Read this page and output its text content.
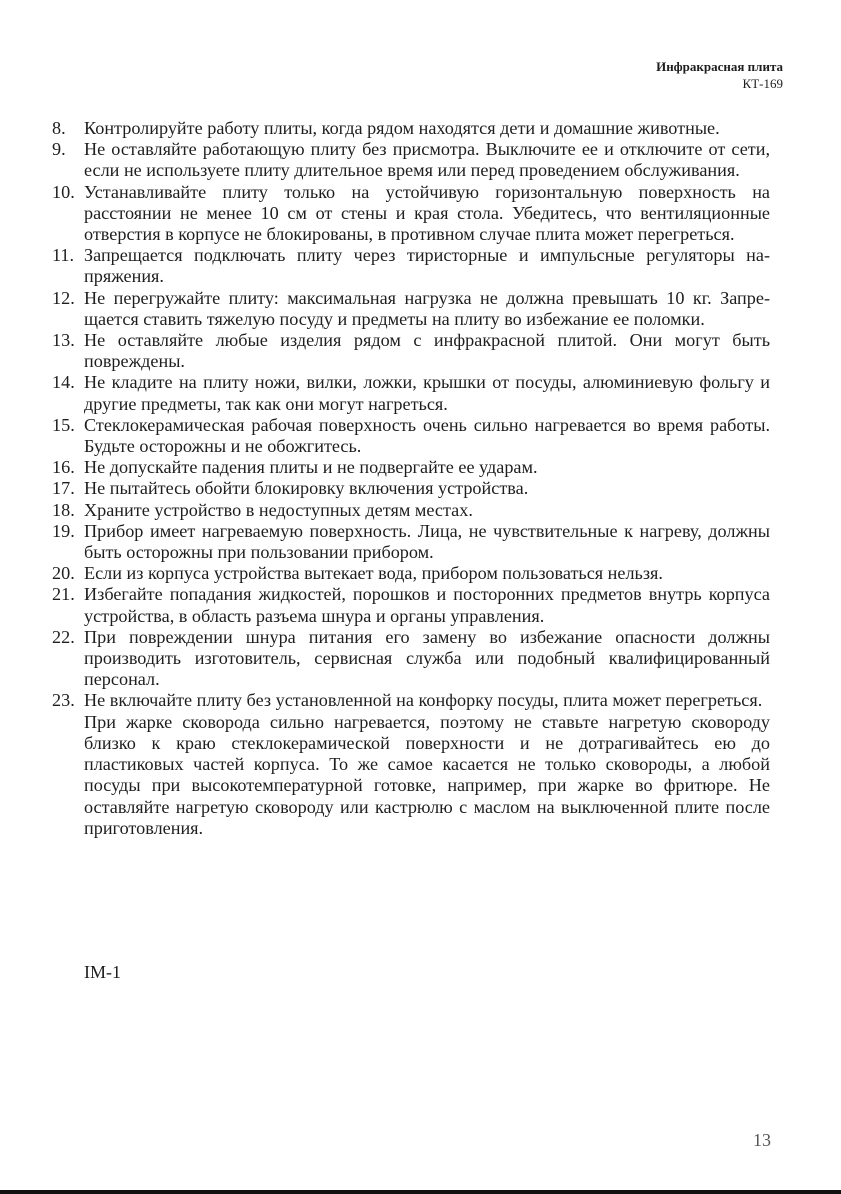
Инфракрасная плита
КТ-169
8.	Контролируйте работу плиты, когда рядом находятся дети и домашние животные.
9.	Не оставляйте работающую плиту без присмотра. Выключите ее и отключите от сети, если не используете плиту длительное время или перед проведением обслуживания.
10. Устанавливайте плиту только на устойчивую горизонтальную поверхность на расстоянии не менее 10 см от стены и края стола. Убедитесь, что вентиляционные отверстия в корпусе не блокированы, в противном случае плита может перегреться.
11. Запрещается подключать плиту через тиристорные и импульсные регуляторы напряжения.
12. Не перегружайте плиту: максимальная нагрузка не должна превышать 10 кг. Запрещается ставить тяжелую посуду и предметы на плиту во избежание ее поломки.
13. Не оставляйте любые изделия рядом с инфракрасной плитой. Они могут быть повреждены.
14. Не кладите на плиту ножи, вилки, ложки, крышки от посуды, алюминиевую фольгу и другие предметы, так как они могут нагреться.
15. Стеклокерамическая рабочая поверхность очень сильно нагревается во время работы. Будьте осторожны и не обожгитесь.
16. Не допускайте падения плиты и не подвергайте ее ударам.
17. Не пытайтесь обойти блокировку включения устройства.
18. Храните устройство в недоступных детям местах.
19. Прибор имеет нагреваемую поверхность. Лица, не чувствительные к нагреву, должны быть осторожны при пользовании прибором.
20. Если из корпуса устройства вытекает вода, прибором пользоваться нельзя.
21. Избегайте попадания жидкостей, порошков и посторонних предметов внутрь корпуса устройства, в область разъема шнура и органы управления.
22. При повреждении шнура питания его замену во избежание опасности должны производить изготовитель, сервисная служба или подобный квалифицированный персонал.
23. Не включайте плиту без установленной на конфорку посуды, плита может перегреться.
При жарке сковорода сильно нагревается, поэтому не ставьте нагретую сковороду близко к краю стеклокерамической поверхности и не дотрагивайтесь ею до пластиковых частей корпуса. То же самое касается не только сковороды, а любой посуды при высокотемпературной готовке, например, при жарке во фритюре. Не оставляйте нагретую сковороду или кастрюлю с маслом на выключенной плите после приготовления.
IM-1
13
